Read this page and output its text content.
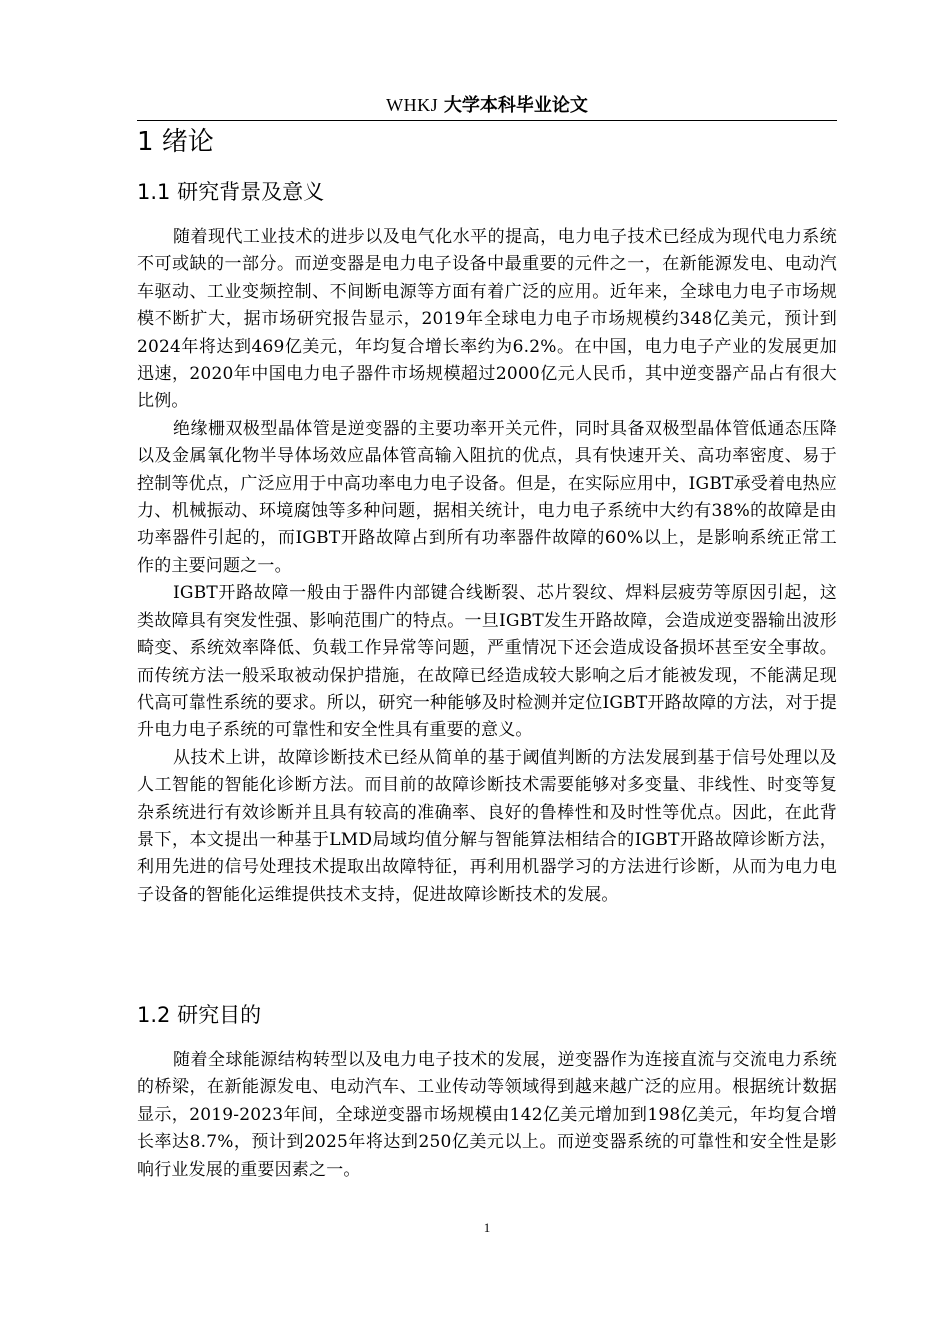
WHKJ 大学本科毕业论文
1 绪论
1.1 研究背景及意义

随着现代工业技术的进步以及电气化水平的提高，电力电子技术已经成为现代电力系统不可或缺的一部分。而逆变器是电力电子设备中最重要的元件之一，在新能源发电、电动汽车驱动、工业变频控制、不间断电源等方面有着广泛的应用。近年来，全球电力电子市场规模不断扩大，据市场研究报告显示，2019年全球电力电子市场规模约348亿美元，预计到2024年将达到469亿美元，年均复合增长率约为6.2%。在中国，电力电子产业的发展更加迅速，2020年中国电力电子器件市场规模超过2000亿元人民币，其中逆变器产品占有很大比例。

绝缘栅双极型晶体管是逆变器的主要功率开关元件，同时具备双极型晶体管低通态压降以及金属氧化物半导体场效应晶体管高输入阻抗的优点，具有快速开关、高功率密度、易于控制等优点，广泛应用于中高功率电力电子设备。但是，在实际应用中，IGBT承受着电热应力、机械振动、环境腐蚀等多种问题，据相关统计，电力电子系统中大约有38%的故障是由功率器件引起的，而IGBT开路故障占到所有功率器件故障的60%以上，是影响系统正常工作的主要问题之一。

IGBT开路故障一般由于器件内部键合线断裂、芯片裂纹、焊料层疲劳等原因引起，这类故障具有突发性强、影响范围广的特点。一旦IGBT发生开路故障，会造成逆变器输出波形畸变、系统效率降低、负载工作异常等问题，严重情况下还会造成设备损坏甚至安全事故。而传统方法一般采取被动保护措施，在故障已经造成较大影响之后才能被发现，不能满足现代高可靠性系统的要求。所以，研究一种能够及时检测并定位IGBT开路故障的方法，对于提升电力电子系统的可靠性和安全性具有重要的意义。

从技术上讲，故障诊断技术已经从简单的基于阈值判断的方法发展到基于信号处理以及人工智能的智能化诊断方法。而目前的故障诊断技术需要能够对多变量、非线性、时变等复杂系统进行有效诊断并且具有较高的准确率、良好的鲁棒性和及时性等优点。因此，在此背景下，本文提出一种基于LMD局域均值分解与智能算法相结合的IGBT开路故障诊断方法，利用先进的信号处理技术提取出故障特征，再利用机器学习的方法进行诊断，从而为电力电子设备的智能化运维提供技术支持，促进故障诊断技术的发展。

1.2 研究目的

随着全球能源结构转型以及电力电子技术的发展，逆变器作为连接直流与交流电力系统的桥梁，在新能源发电、电动汽车、工业传动等领域得到越来越广泛的应用。根据统计数据显示，2019-2023年间，全球逆变器市场规模由142亿美元增加到198亿美元，年均复合增长率达8.7%，预计到2025年将达到250亿美元以上。而逆变器系统的可靠性和安全性是影响行业发展的重要因素之一。

1
